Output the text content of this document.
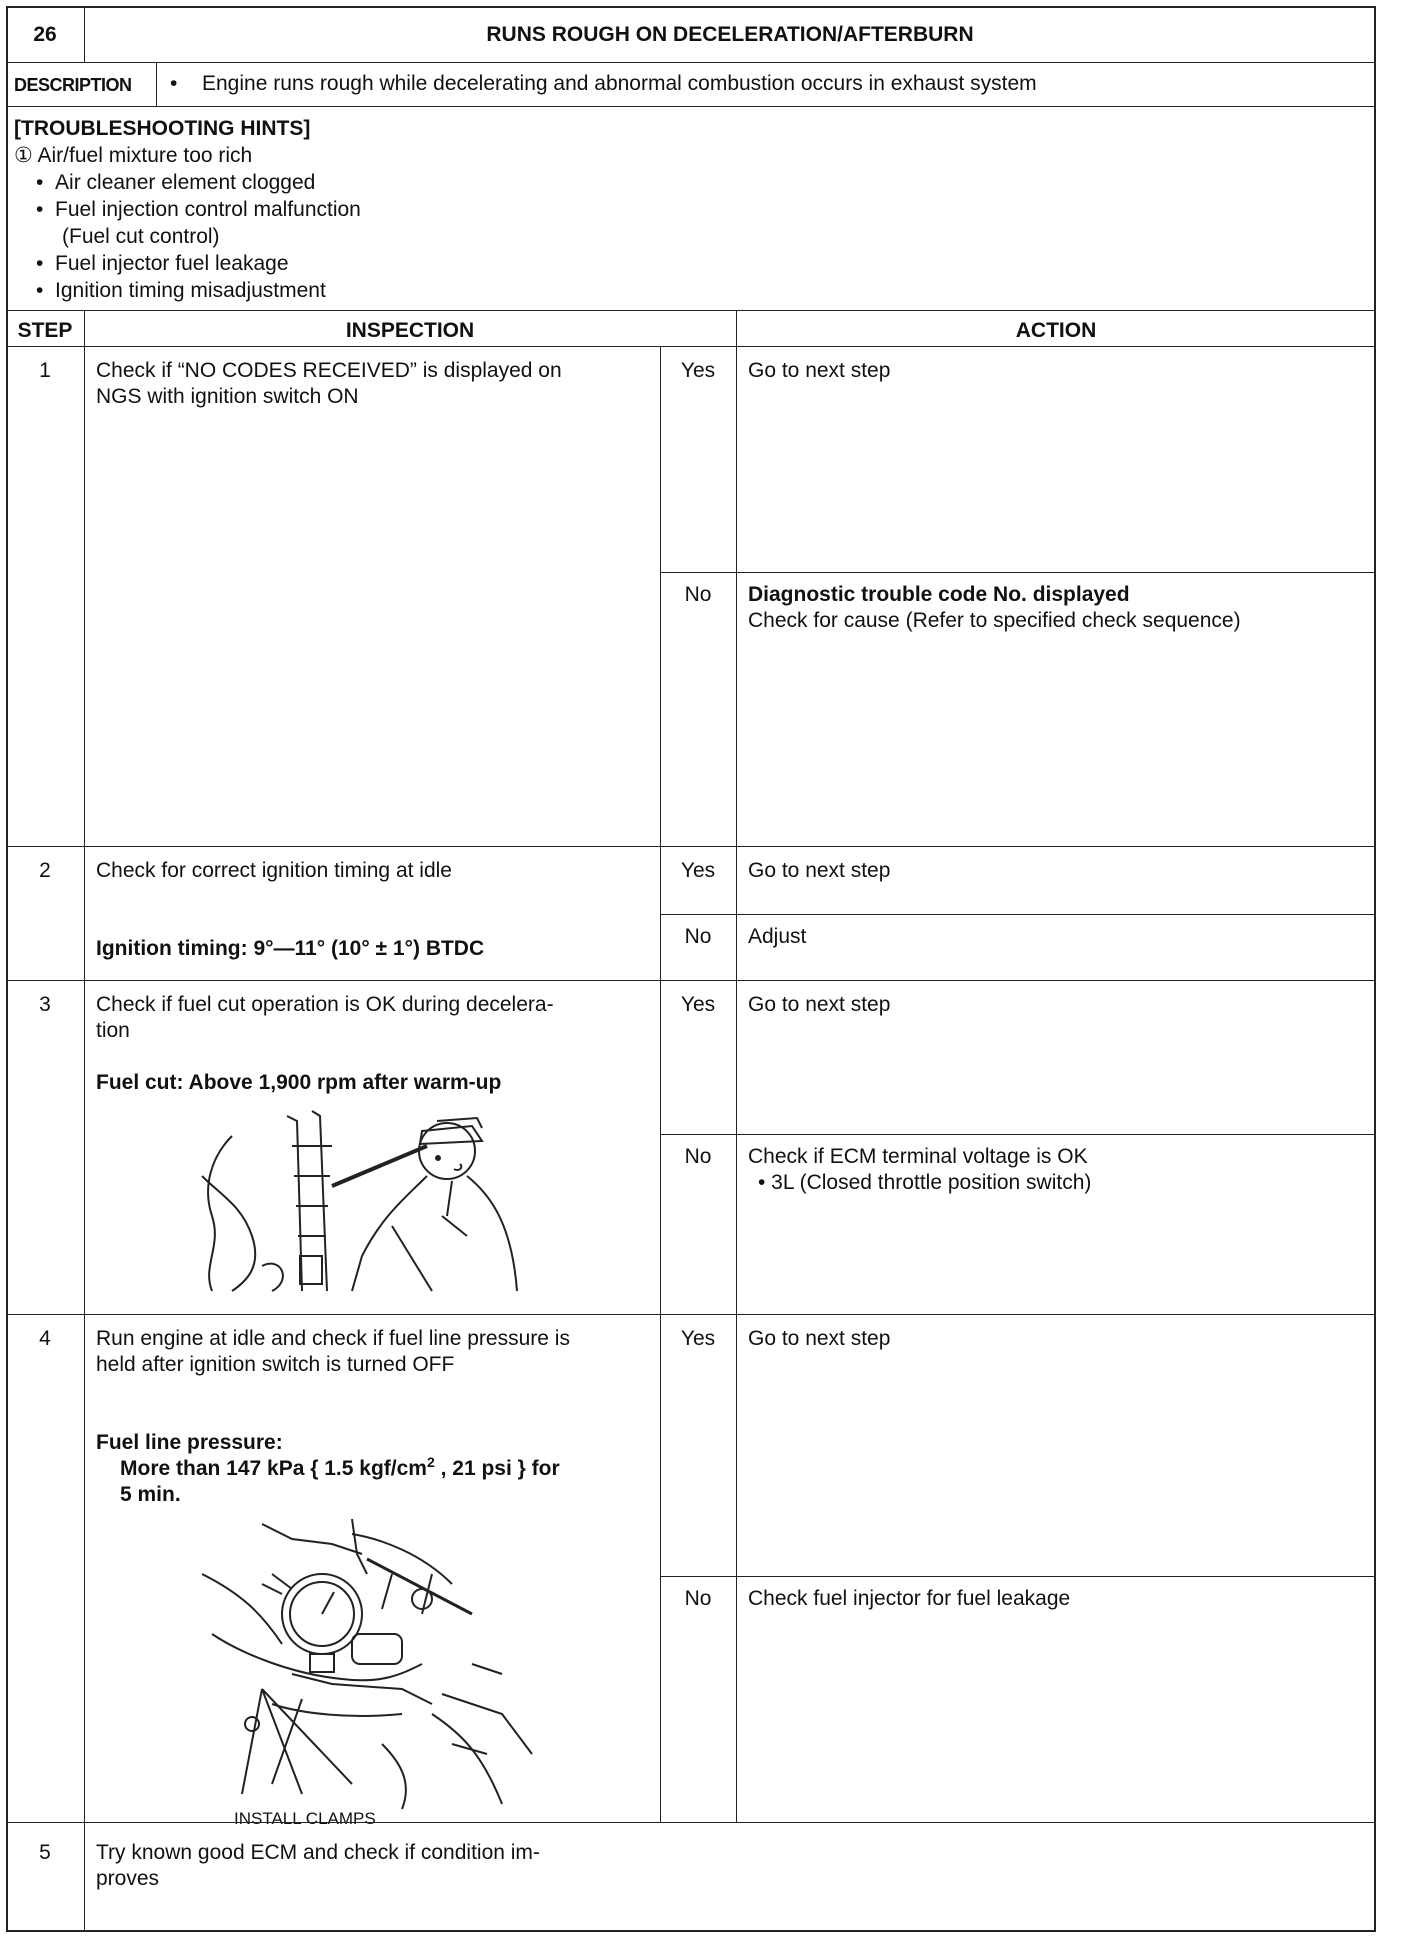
26	RUNS ROUGH ON DECELERATION/AFTERBURN
DESCRIPTION • Engine runs rough while decelerating and abnormal combustion occurs in exhaust system
[TROUBLESHOOTING HINTS]
① Air/fuel mixture too rich
•  Air cleaner element clogged
•  Fuel injection control malfunction
(Fuel cut control)
•  Fuel injector fuel leakage
•  Ignition timing misadjustment
STEP	INSPECTION	ACTION
1	Check if “NO CODES RECEIVED” is displayed on
NGS with ignition switch ON
Yes	Go to next step
No	Diagnostic trouble code No. displayed
Check for cause (Refer to specified check sequence)
2	Check for correct ignition timing at idle
Ignition timing: 9°—11° (10° ± 1°) BTDC
Yes	Go to next step
No	Adjust
3	Check if fuel cut operation is OK during decelera-
tion
Fuel cut: Above 1,900 rpm after warm-up
Yes	Go to next step
No	Check if ECM terminal voltage is OK
• 3L (Closed throttle position switch)
4	Run engine at idle and check if fuel line pressure is
held after ignition switch is turned OFF
Fuel line pressure:
More than 147 kPa { 1.5 kgf/$cm^2$ , 21 psi } for
5 min.
INSTALL CLAMPS
Yes	Go to next step
No	Check fuel injector for fuel leakage
5	Try known good ECM and check if condition im-
proves
